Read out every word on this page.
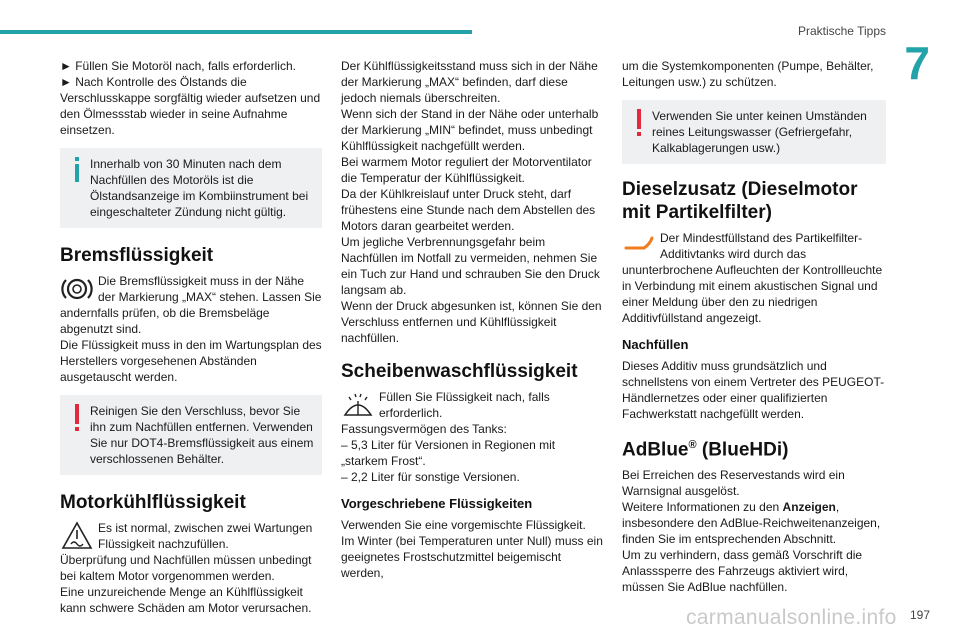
Praktische Tipps
7

► Füllen Sie Motoröl nach, falls erforderlich.
► Nach Kontrolle des Ölstands die Verschlusskappe sorgfältig wieder aufsetzen und den Ölmessstab wieder in seine Aufnahme einsetzen.

Innerhalb von 30 Minuten nach dem Nachfüllen des Motoröls ist die Ölstandsanzeige im Kombiinstrument bei eingeschalteter Zündung nicht gültig.

Bremsflüssigkeit

Die Bremsflüssigkeit muss in der Nähe der Markierung „MAX“ stehen. Lassen Sie andernfalls prüfen, ob die Bremsbeläge abgenutzt sind.

Die Flüssigkeit muss in den im Wartungsplan des Herstellers vorgesehenen Abständen ausgetauscht werden.

Reinigen Sie den Verschluss, bevor Sie ihn zum Nachfüllen entfernen. Verwenden Sie nur DOT4-Bremsflüssigkeit aus einem verschlossenen Behälter.

Motorkühlflüssigkeit

Es ist normal, zwischen zwei Wartungen Flüssigkeit nachzufüllen.

Überprüfung und Nachfüllen müssen unbedingt bei kaltem Motor vorgenommen werden.
Eine unzureichende Menge an Kühlflüssigkeit kann schwere Schäden am Motor verursachen.

Der Kühlflüssigkeitsstand muss sich in der Nähe der Markierung „MAX“ befinden, darf diese jedoch niemals überschreiten.
Wenn sich der Stand in der Nähe oder unterhalb der Markierung „MIN“ befindet, muss unbedingt Kühlflüssigkeit nachgefüllt werden.
Bei warmem Motor reguliert der Motorventilator die Temperatur der Kühlflüssigkeit.
Da der Kühlkreislauf unter Druck steht, darf frühestens eine Stunde nach dem Abstellen des Motors daran gearbeitet werden.
Um jegliche Verbrennungsgefahr beim Nachfüllen im Notfall zu vermeiden, nehmen Sie ein Tuch zur Hand und schrauben Sie den Druck langsam ab.
Wenn der Druck abgesunken ist, können Sie den Verschluss entfernen und Kühlflüssigkeit nachfüllen.

Scheibenwaschflüssigkeit

Füllen Sie Flüssigkeit nach, falls erforderlich.

Fassungsvermögen des Tanks:
– 5,3 Liter für Versionen in Regionen mit „starkem Frost“.
– 2,2 Liter für sonstige Versionen.

Vorgeschriebene Flüssigkeiten

Verwenden Sie eine vorgemischte Flüssigkeit.
Im Winter (bei Temperaturen unter Null) muss ein geeignetes Frostschutzmittel beigemischt werden,

um die Systemkomponenten (Pumpe, Behälter, Leitungen usw.) zu schützen.

Verwenden Sie unter keinen Umständen reines Leitungswasser (Gefriergefahr, Kalkablagerungen usw.)

Dieselzusatz (Dieselmotor mit Partikelfilter)

Der Mindestfüllstand des Partikelfilter-Additivtanks wird durch das ununterbrochene Aufleuchten der Kontrollleuchte in Verbindung mit einem akustischen Signal und einer Meldung über den zu niedrigen Additivfüllstand angezeigt.

Nachfüllen

Dieses Additiv muss grundsätzlich und schnellstens von einem Vertreter des PEUGEOT-Händlernetzes oder einer qualifizierten Fachwerkstatt nachgefüllt werden.

AdBlue® (BlueHDi)

Bei Erreichen des Reservestands wird ein Warnsignal ausgelöst.

Weitere Informationen zu den Anzeigen, insbesondere den AdBlue-Reichweitenanzeigen, finden Sie im entsprechenden Abschnitt.

Um zu verhindern, dass gemäß Vorschrift die Anlasssperre des Fahrzeugs aktiviert wird, müssen Sie AdBlue nachfüllen.

carmanualsonline.info 197
